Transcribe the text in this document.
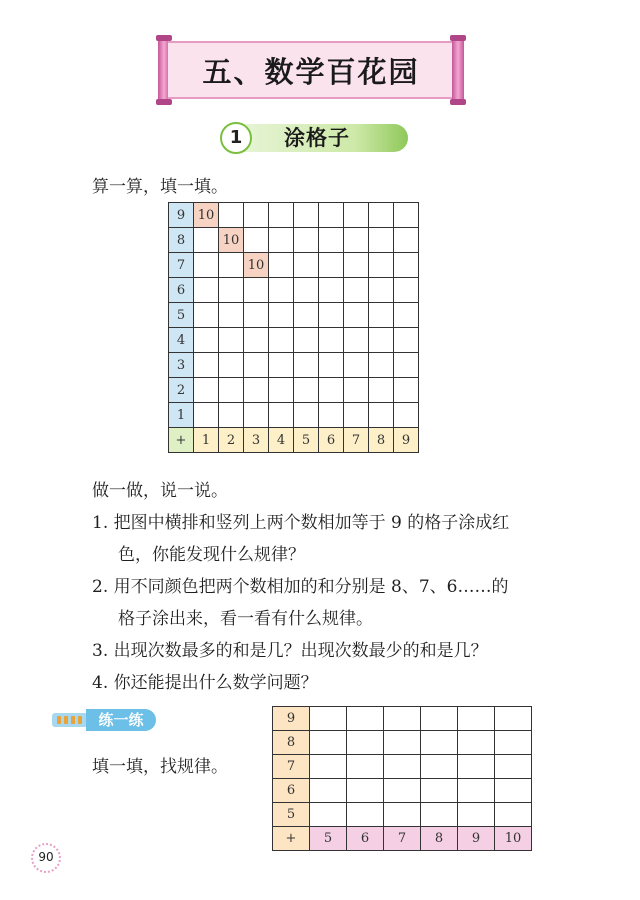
五、数学百花园
1	涂格子
算一算，填一填。
9	10								
8		10							
7			10						
6									
5									
4									
3									
2									
1									
+	1	2	3	4	5	6	7	8	9
做一做，说一说。
1. 把图中横排和竖列上两个数相加等于 9 的格子涂成红
色，你能发现什么规律？
2. 用不同颜色把两个数相加的和分别是 8、7、6……的
格子涂出来，看一看有什么规律。
3. 出现次数最多的和是几？出现次数最少的和是几？
4. 你还能提出什么数学问题？
练一练
填一填，找规律。
9						
8						
7						
6						
5						
+	5	6	7	8	9	10
90
